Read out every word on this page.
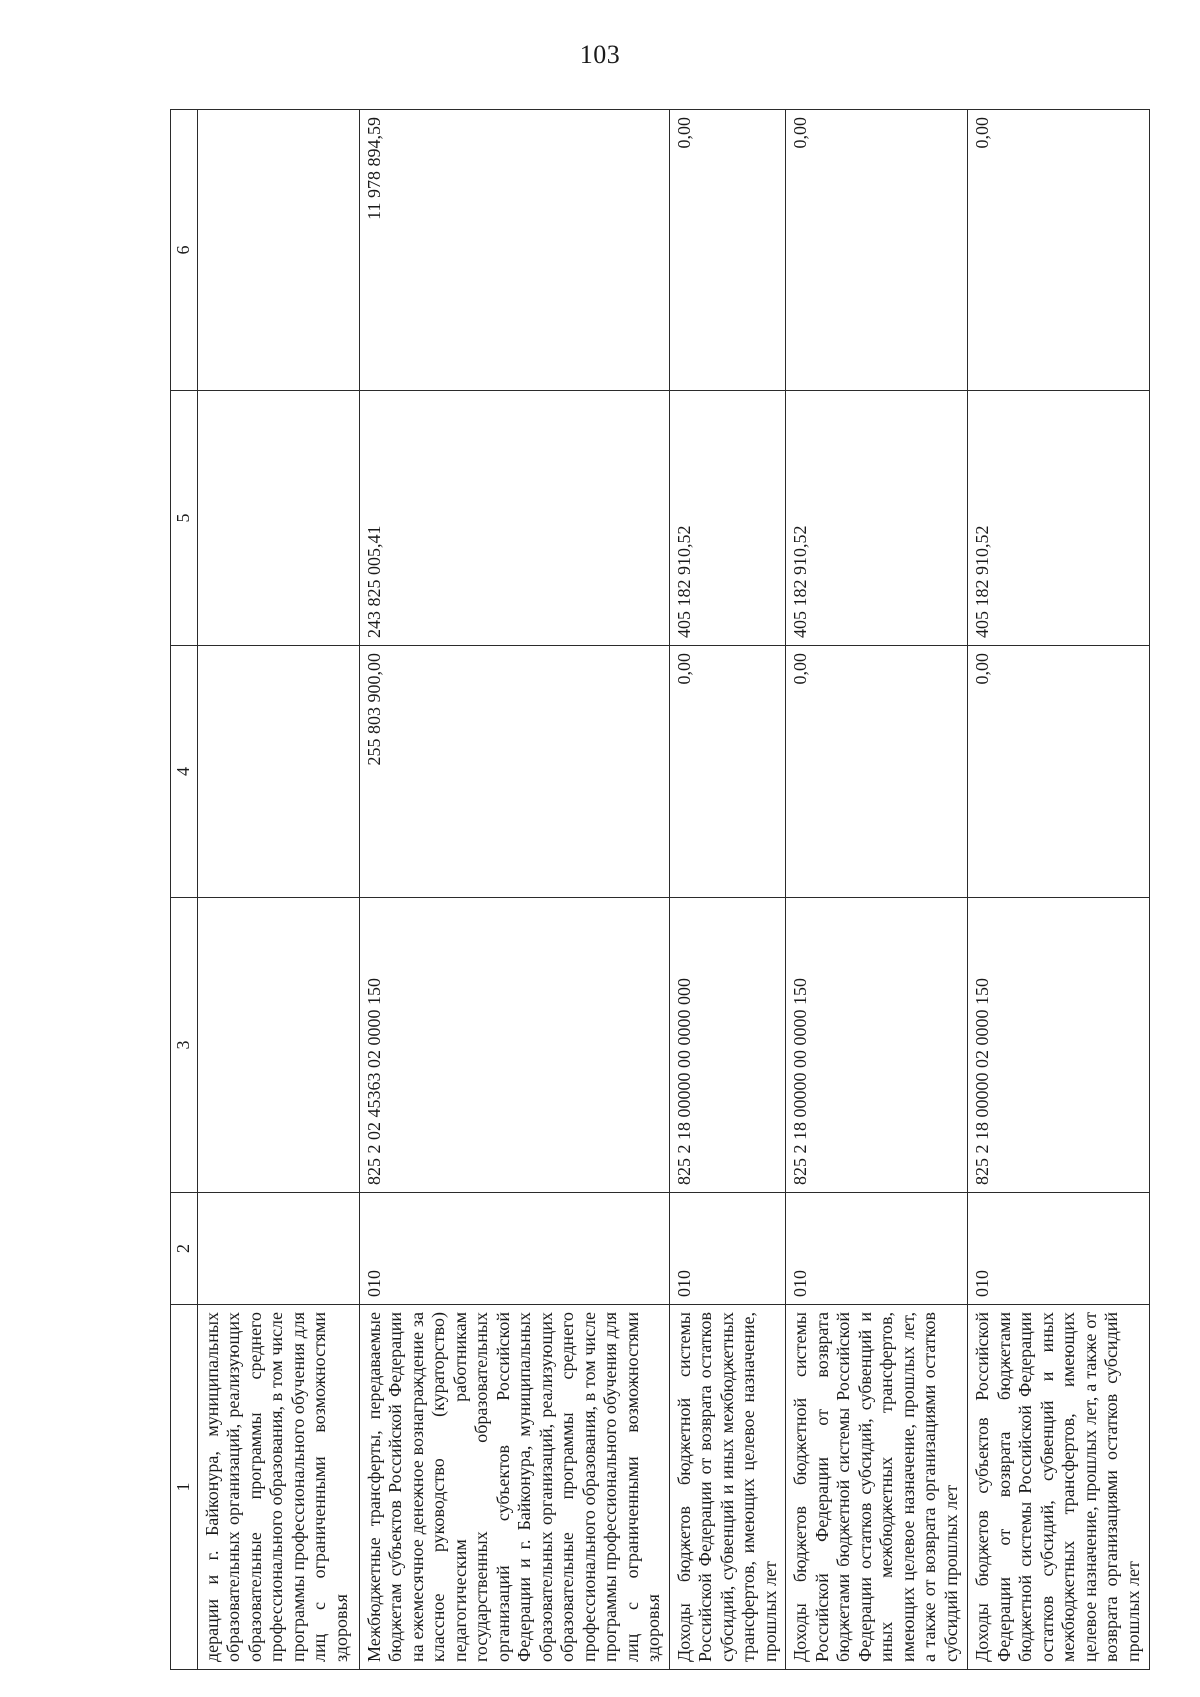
103
1	2	3	4	5	6
дерации и г. Байконура, муниципальных образовательных организаций, реализующих образовательные программы среднего профессионального образования, в том числе программы профессионального обучения для лиц с ограниченными возможностями здоровья					
Межбюджетные трансферты, передаваемые бюджетам субъектов Российской Федерации на ежемесячное денежное вознаграждение за классное руководство (кураторство) педагогическим работникам государственных образовательных организаций субъектов Российской Федерации и г. Байконура, муниципальных образовательных организаций, реализующих образовательные программы среднего профессионального образования, в том числе программы профессионального обучения для лиц с ограниченными возможностями здоровья	010	825 2 02 45363 02 0000 150	255 803 900,00	243 825 005,41	11 978 894,59
Доходы бюджетов бюджетной системы Российской Федерации от возврата остатков субсидий, субвенций и иных межбюджетных трансфертов, имеющих целевое назначение, прошлых лет	010	825 2 18 00000 00 0000 000	0,00	405 182 910,52	0,00
Доходы бюджетов бюджетной системы Российской Федерации от возврата бюджетами бюджетной системы Российской Федерации остатков субсидий, субвенций и иных межбюджетных трансфертов, имеющих целевое назначение, прошлых лет, а также от возврата организациями остатков субсидий прошлых лет	010	825 2 18 00000 00 0000 150	0,00	405 182 910,52	0,00
Доходы бюджетов субъектов Российской Федерации от возврата бюджетами бюджетной системы Российской Федерации остатков субсидий, субвенций и иных межбюджетных трансфертов, имеющих целевое назначение, прошлых лет, а также от возврата организациями остатков субсидий прошлых лет	010	825 2 18 00000 02 0000 150	0,00	405 182 910,52	0,00
